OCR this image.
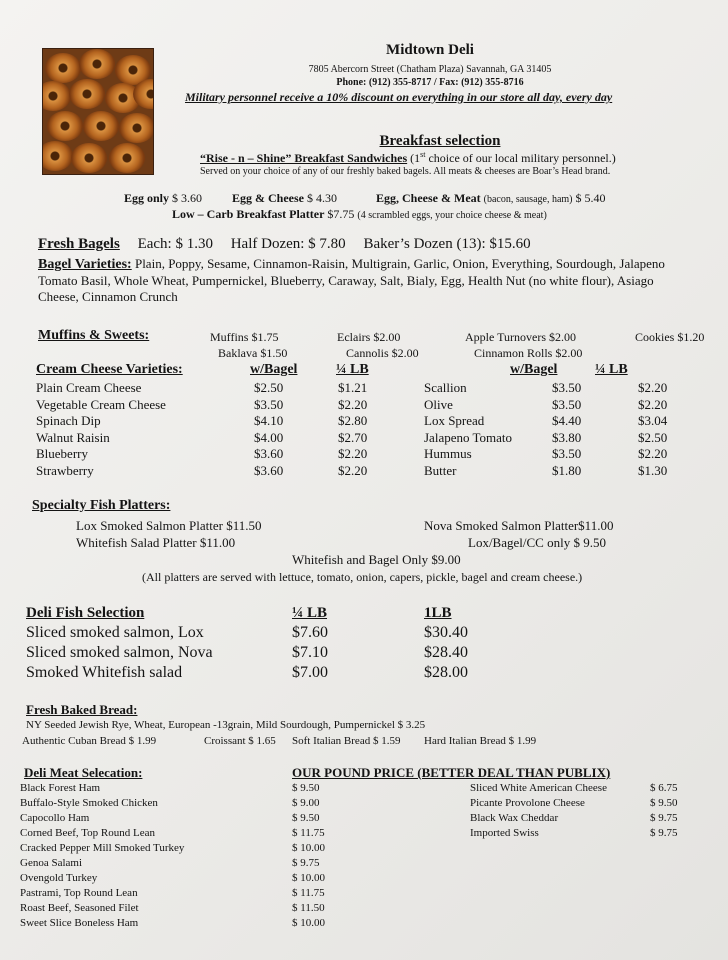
Midtown Deli
7805 Abercorn Street (Chatham Plaza) Savannah, GA 31405
Phone: (912) 355-8717 / Fax: (912) 355-8716
Military personnel receive a 10% discount on everything in our store all day, every day
Breakfast selection
“Rise - n – Shine” Breakfast Sandwiches (1st choice of our local military personnel.)
Served on your choice of any of our freshly baked bagels. All meats & cheeses are Boar’s Head brand.
Egg only $ 3.60 Egg & Cheese $ 4.30	Egg, Cheese & Meat (bacon, sausage, ham) $ 5.40
Low – Carb Breakfast Platter $7.75 (4 scrambled eggs, your choice cheese & meat)
Fresh Bagels Each: $ 1.30 Half Dozen: $ 7.80 Baker’s Dozen (13): $15.60
Bagel Varieties: Plain, Poppy, Sesame, Cinnamon-Raisin, Multigrain, Garlic, Onion, Everything, Sourdough, Jalapeno
Tomato Basil, Whole Wheat, Pumpernickel, Blueberry, Caraway, Salt, Bialy, Egg, Health Nut (no white flour), Asiago
Cheese, Cinnamon Crunch
Muffins & Sweets:	Muffins $1.75	Eclairs $2.00	Apple Turnovers $2.00	Cookies $1.20
Baklava $1.50	Cannolis $2.00	Cinnamon Rolls $2.00
Cream Cheese Varieties:	w/Bagel	¼ LB	w/Bagel	¼ LB
Plain Cream Cheese	$2.50	$1.21
Vegetable Cream Cheese	$3.50	$2.20
Spinach Dip	$4.10	$2.80
Walnut Raisin	$4.00	$2.70
Blueberry	$3.60	$2.20
Strawberry	$3.60	$2.20
Scallion	$3.50	$2.20
Olive	$3.50	$2.20
Lox Spread	$4.40	$3.04
Jalapeno Tomato	$3.80	$2.50
Hummus	$3.50	$2.20
Butter	$1.80	$1.30
Specialty Fish Platters:
Lox Smoked Salmon Platter $11.50	Nova Smoked Salmon Platter$11.00
Whitefish Salad Platter $11.00	Lox/Bagel/CC only $ 9.50
Whitefish and Bagel Only $9.00
(All platters are served with lettuce, tomato, onion, capers, pickle, bagel and cream cheese.)
Deli Fish Selection	¼ LB	1LB
Sliced smoked salmon, Lox	$7.60	$30.40
Sliced smoked salmon, Nova	$7.10	$28.40
Smoked Whitefish salad	$7.00	$28.00
Fresh Baked Bread:
NY Seeded Jewish Rye, Wheat, European -13grain, Mild Sourdough, Pumpernickel $ 3.25
Authentic Cuban Bread $ 1.99	Croissant $ 1.65 Soft Italian Bread $ 1.59 Hard Italian Bread $ 1.99
Deli Meat Selecation:	OUR POUND PRICE (BETTER DEAL THAN PUBLIX)
Black Forest Ham	$ 9.50
Buffalo-Style Smoked Chicken	$ 9.00
Capocollo Ham	$ 9.50
Corned Beef, Top Round Lean	$ 11.75
Cracked Pepper Mill Smoked Turkey	$ 10.00
Genoa Salami	$ 9.75
Ovengold Turkey	$ 10.00
Pastrami, Top Round Lean	$ 11.75
Roast Beef, Seasoned Filet	$ 11.50
Sweet Slice Boneless Ham	$ 10.00
Sliced White American Cheese	$ 6.75
Picante Provolone Cheese	$ 9.50
Black Wax Cheddar	$ 9.75
Imported Swiss	$ 9.75
